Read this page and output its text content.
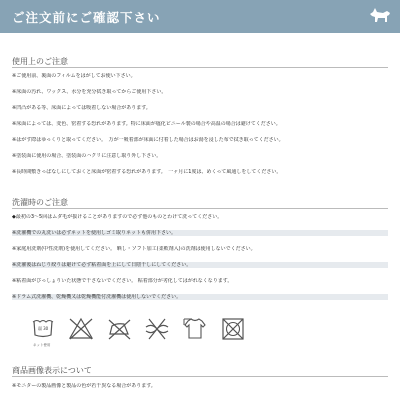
ご注文前にご確認下さい
使用上のご注意
※ご使用前、裏面のフィルムをはがしてお使い下さい。
※床面の汚れ、ワックス、水分を充分拭き取ってからご使用下さい。
※凹凸がある等、床面によっては吸着しない場合があります。
※床面によっては、変色、密着する恐れがあります。特に床面が塩化ビニール製の場合や高温の場合は避けてください。
※はがす際はゆっくりと取ってください。　万が一吸着部が床面に付着した場合はお湯を浸した布で拭き取ってください。
※塗装面に使用の場合、塗装面のハクリに注意し取り外し下さい。
※長時間敷きっぱなしにしておくと床面が密着する恐れがあります。　一ヶ月に1度は、めくって風通しをしてください。
洗濯時のご注意
◆最初の3～5回はムダ毛が抜けることがありますので必ず他のものとわけて洗ってください。
※洗濯機での丸洗いは必ずネットを使用しゴミ取りネットも併用下さい。
※家庭用洗剤(中性洗剤)を使用してください。 晒し・ソフト加工(柔軟剤入)の洗剤は使用しないでください。
※洗濯後はねじり絞りは避けて必ず粘着面を上にして日陰干しにしてください。
※粘着面がびっしょりいた状態で干さないでください。 粘着部分が劣化してはがれなくなります。
※ドラム式洗濯機、乾燥機又は乾燥機能付洗濯機は使用しないでください。
弱 30
ネット使用
商品画像表示について
※モニターの製品画像と製品の色が若干異なる場合があります。
